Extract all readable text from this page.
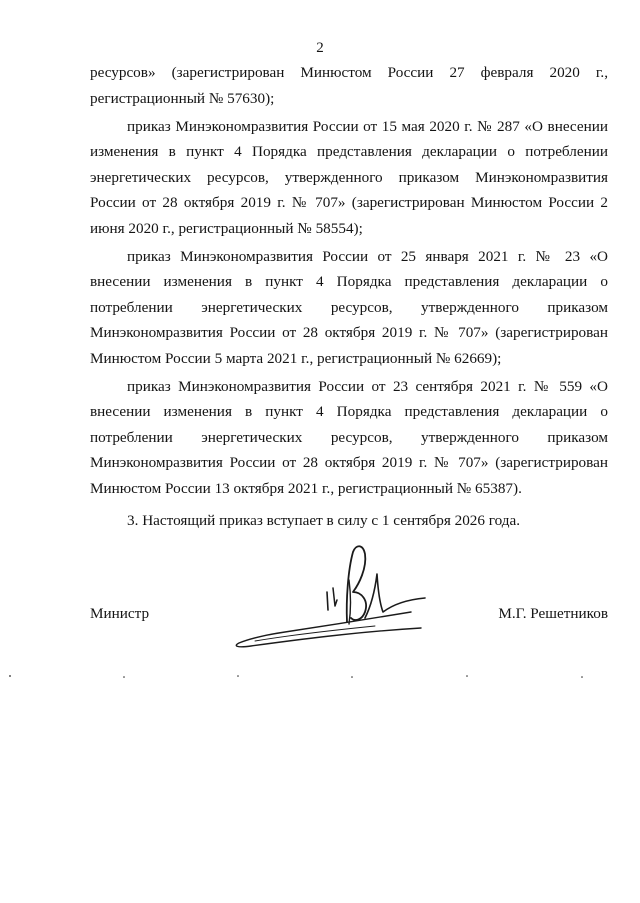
2

ресурсов» (зарегистрирован Минюстом России 27 февраля 2020 г., регистрационный № 57630);

приказ Минэкономразвития России от 15 мая 2020 г. № 287 «О внесении изменения в пункт 4 Порядка представления декларации о потреблении энергетических ресурсов, утвержденного приказом Минэкономразвития России от 28 октября 2019 г. № 707» (зарегистрирован Минюстом России 2 июня 2020 г., регистрационный № 58554);

приказ Минэкономразвития России от 25 января 2021 г. № 23 «О внесении изменения в пункт 4 Порядка представления декларации о потреблении энергетических ресурсов, утвержденного приказом Минэкономразвития России от 28 октября 2019 г. № 707» (зарегистрирован Минюстом России 5 марта 2021 г., регистрационный № 62669);

приказ Минэкономразвития России от 23 сентября 2021 г. № 559 «О внесении изменения в пункт 4 Порядка представления декларации о потреблении энергетических ресурсов, утвержденного приказом Минэкономразвития России от 28 октября 2019 г. № 707» (зарегистрирован Минюстом России 13 октября 2021 г., регистрационный № 65387).

3. Настоящий приказ вступает в силу с 1 сентября 2026 года.

Министр	М.Г. Решетников
